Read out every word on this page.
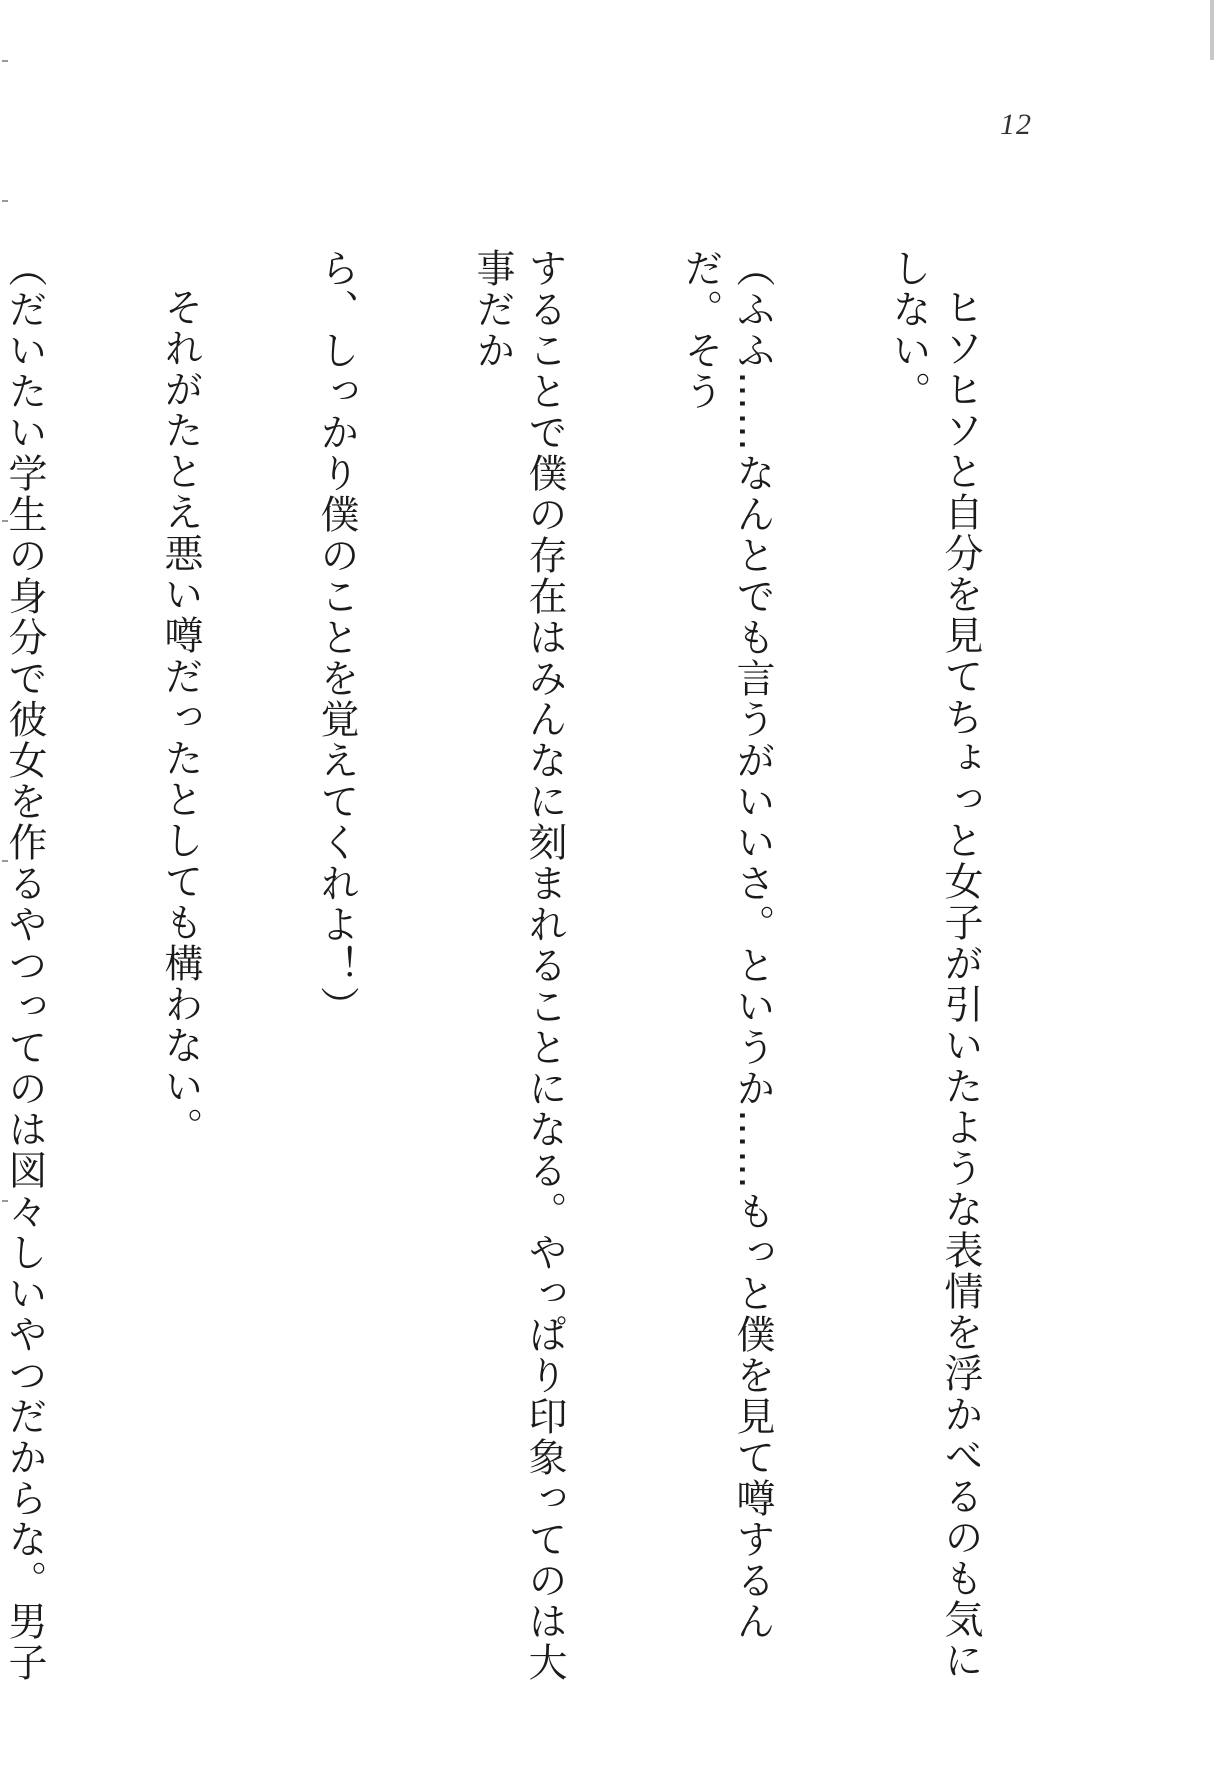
12

ヒソヒソと自分を見てちょっと女子が引いたような表情を浮かべるのも気にしない。

（ふふ……なんとでも言うがいいさ。というか……もっと僕を見て噂するんだ。そう

することで僕の存在はみんなに刻まれることになる。やっぱり印象ってのは大事だか

ら、しっかり僕のことを覚えてくれよ！）

それがたとえ悪い噂だったとしても構わない。

（だいたい学生の身分で彼女を作るやつってのは図々しいやつだからな。男子
